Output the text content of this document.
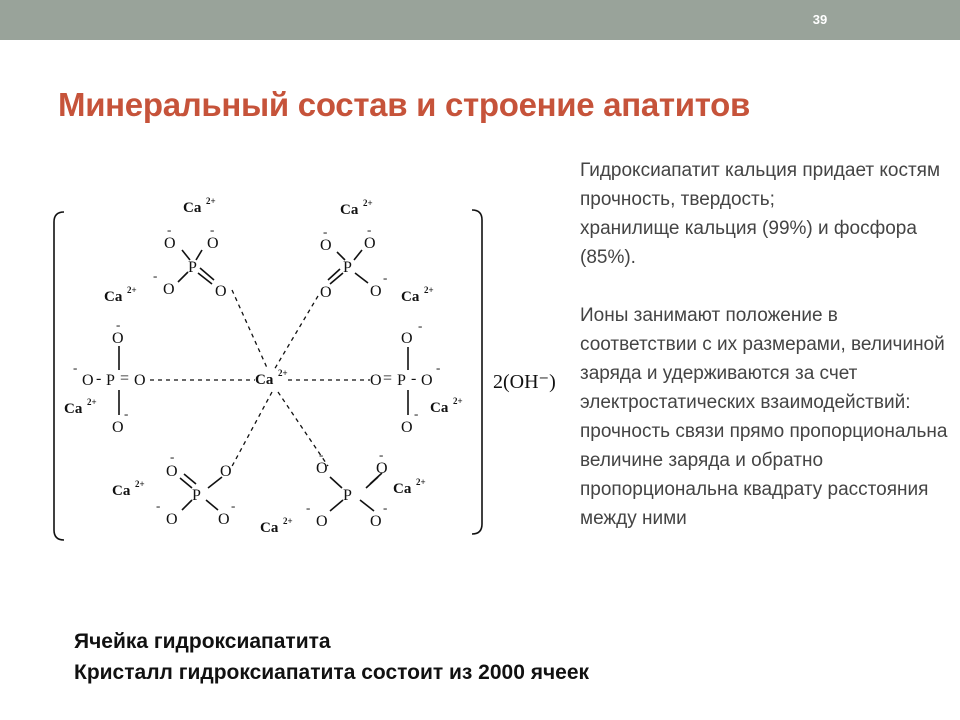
39
Минеральный состав и строение апатитов
Ca 2+
Ca 2+
Ca 2+	Ca 2+
Ca 2+
Ca 2+	Ca 2+
Ca 2+	Ca 2+
Ca 2+
O
-
O
-
P
O
-
O
O
-
O
-
P
O O
-
O
-
-
O - P = O
O
-
O
-
O = P - O
-
O
-
O
-
O
P
O
-
O
-
O
-
O
-
P
O
-
O
-
2(OH⁻)

Гидроксиапатит кальция придает костям прочность, твердость;
хранилище кальция (99%) и фосфора (85%).

Ионы занимают положение в соответствии с их размерами, величиной заряда и удерживаются за счет электростатических взаимодействий: прочность связи прямо пропорциональна величине заряда и обратно пропорциональна квадрату расстояния между ними

Ячейка гидроксиапатита
Кристалл гидроксиапатита состоит из 2000 ячеек
